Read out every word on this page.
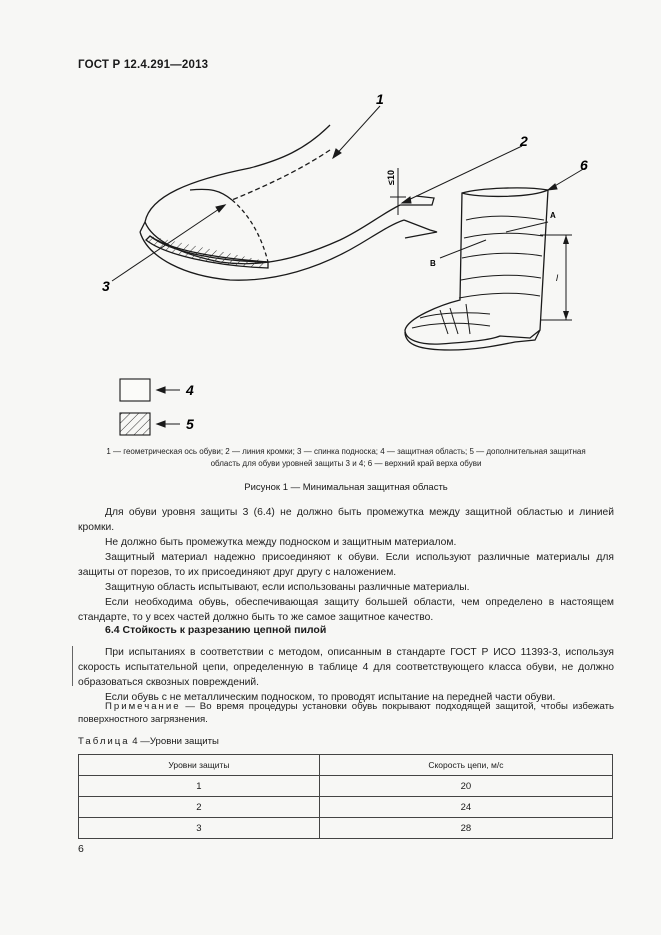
ГОСТ Р 12.4.291—2013
1
2
3
6
≤10
A
B
l
4
5
1 — геометрическая ось обуви; 2 — линия кромки; 3 — спинка подноска; 4 — защитная область; 5 — дополнительная защитная
область для обуви уровней защиты 3 и 4; 6 — верхний край верха обуви
Рисунок 1 — Минимальная защитная область

Для обуви уровня защиты 3 (6.4) не должно быть промежутка между защитной областью и линией кромки.

Не должно быть промежутка между подноском и защитным материалом.

Защитный материал надежно присоединяют к обуви. Если используют различные материалы для защиты от порезов, то их присоединяют друг другу с наложением.

Защитную область испытывают, если использованы различные материалы.

Если необходима обувь, обеспечивающая защиту большей области, чем определено в настоящем стандарте, то у всех частей должно быть то же самое защитное качество.

6.4 Стойкость к разрезанию цепной пилой

При испытаниях в соответствии с методом, описанным в стандарте ГОСТ Р ИСО 11393-3, используя скорость испытательной цепи, определенную в таблице 4 для соответствующего класса обуви, не должно образоваться сквозных повреждений.

Если обувь с не металлическим подноском, то проводят испытание на передней части обуви.

Примечание — Во время процедуры установки обувь покрывают подходящей защитой, чтобы избежать поверхностного загрязнения.
Таблица 4 —Уровни защиты
Уровни защиты	Скорость цепи, м/с
1	20
2	24
3	28
6
